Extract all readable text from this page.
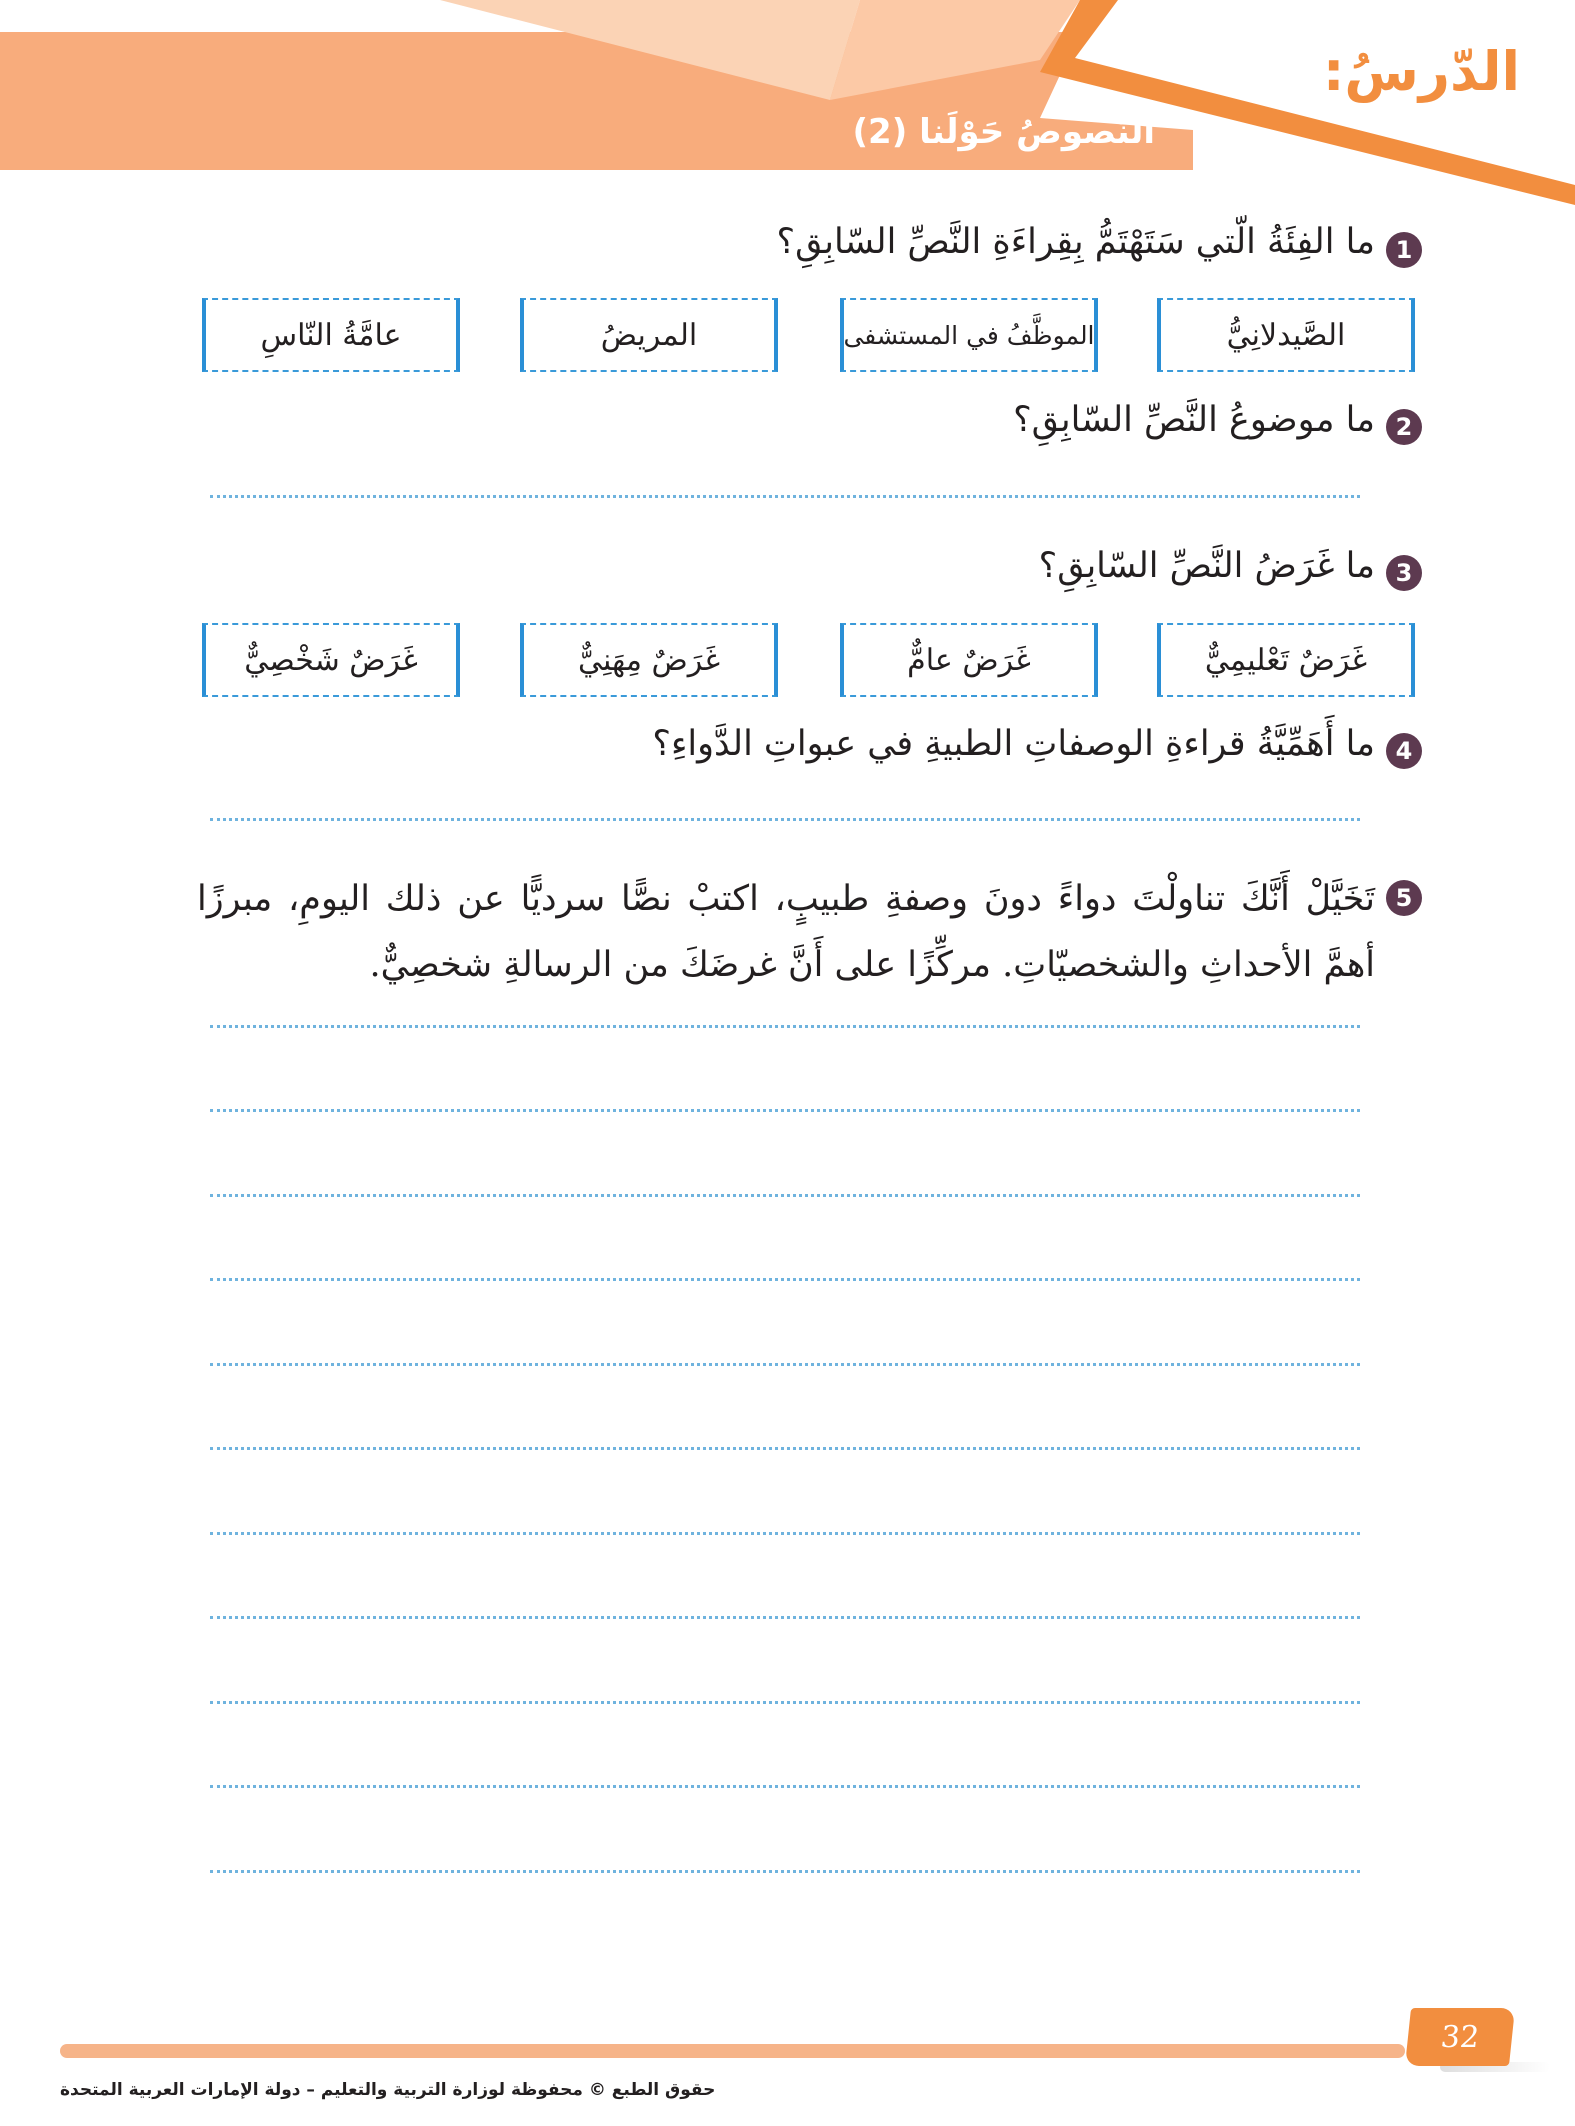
الدّرسُ:
النُّصوصُ حَوْلَنا (2)
1
ما الفِئَةُ الّتي سَتَهْتَمُّ بِقِراءَةِ النَّصِّ السّابِقِ؟
الصَّيدلانِيُّ
الموظَّفُ في المستشفى
المريضُ
عامَّةُ النّاسِ
2
ما موضوعُ النَّصِّ السّابِقِ؟
3
ما غَرَضُ النَّصِّ السّابِقِ؟
غَرَضٌ تَعْليمِيٌّ
غَرَضٌ عامٌّ
غَرَضٌ مِهَنِيٌّ
غَرَضٌ شَخْصِيٌّ
4
ما أَهَمِّيَّةُ قراءةِ الوصفاتِ الطبيةِ في عبواتِ الدَّواءِ؟
5
تَخَيَّلْ أَنَّكَ تناولْتَ دواءً دونَ وصفةِ طبيبٍ، اكتبْ نصًّا سرديًّا عن ذلك اليومِ، مبرزًا أهمَّ الأحداثِ والشخصيّاتِ. مركِّزًا على أَنَّ غرضَكَ من الرسالةِ شخصِيٌّ.
32
حقوق الطبع © محفوظة لوزارة التربية والتعليم – دولة الإمارات العربية المتحدة
